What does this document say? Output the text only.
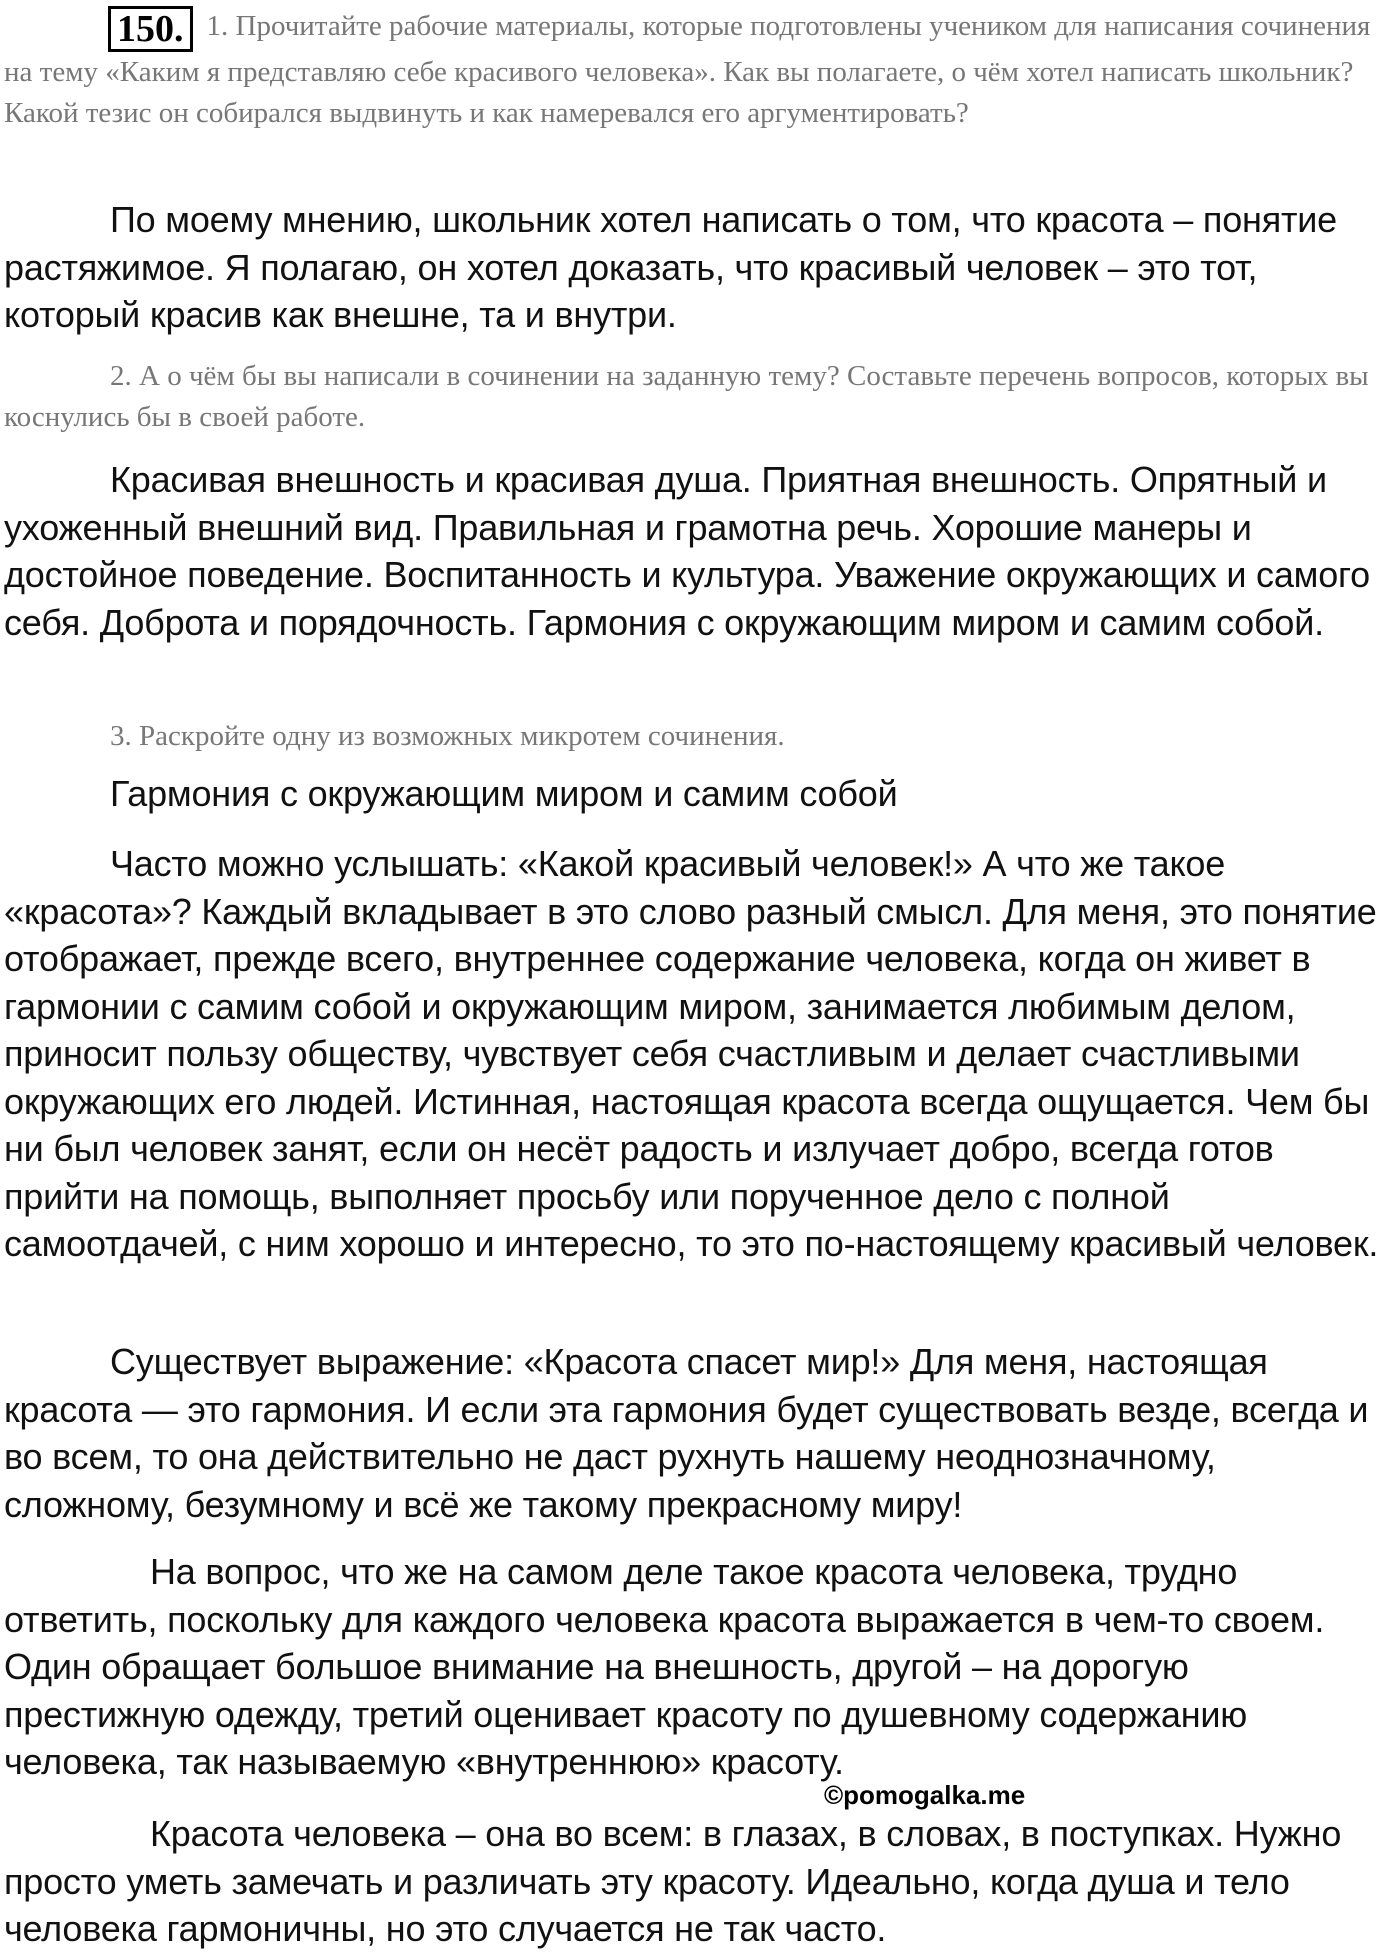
150. 1. Прочитайте рабочие материалы, которые подготовлены учеником для написания сочинения на тему «Каким я представляю себе красивого человека». Как вы полагаете, о чём хотел написать школьник? Какой тезис он собирался выдвинуть и как намеревался его аргументировать?

По моему мнению, школьник хотел написать о том, что красота – понятие растяжимое. Я полагаю, он хотел доказать, что красивый человек – это тот, который красив как внешне, та и внутри.

2. А о чём бы вы написали в сочинении на заданную тему? Составьте перечень вопросов, которых вы коснулись бы в своей работе.

Красивая внешность и красивая душа. Приятная внешность. Опрятный и ухоженный внешний вид. Правильная и грамотна речь. Хорошие манеры и достойное поведение. Воспитанность и культура. Уважение окружающих и самого себя. Доброта и порядочность. Гармония с окружающим миром и самим собой.

3. Раскройте одну из возможных микротем сочинения.

Гармония с окружающим миром и самим собой

Часто можно услышать: «Какой красивый человек!» А что же такое «красота»? Каждый вкладывает в это слово разный смысл. Для меня, это понятие отображает, прежде всего, внутреннее содержание человека, когда он живет в гармонии с самим собой и окружающим миром, занимается любимым делом, приносит пользу обществу, чувствует себя счастливым и делает счастливыми окружающих его людей. Истинная, настоящая красота всегда ощущается. Чем бы ни был человек занят, если он несёт радость и излучает добро, всегда готов прийти на помощь, выполняет просьбу или порученное дело с полной самоотдачей, с ним хорошо и интересно, то это по-настоящему красивый человек.

Существует выражение: «Красота спасет мир!» Для меня, настоящая красота — это гармония. И если эта гармония будет существовать везде, всегда и во всем, то она действительно не даст рухнуть нашему неоднозначному, сложному, безумному и всё же такому прекрасному миру!

На вопрос, что же на самом деле такое красота человека, трудно ответить, поскольку для каждого человека красота выражается в чем-то своем. Один обращает большое внимание на внешность, другой – на дорогую престижную одежду, третий оценивает красоту по душевному содержанию человека, так называемую «внутреннюю» красоту.

Красота человека – она во всем: в глазах, в словах, в поступках. Нужно просто уметь замечать и различать эту красоту. Идеально, когда душа и тело человека гармоничны, но это случается не так часто.

©pomogalka.me
